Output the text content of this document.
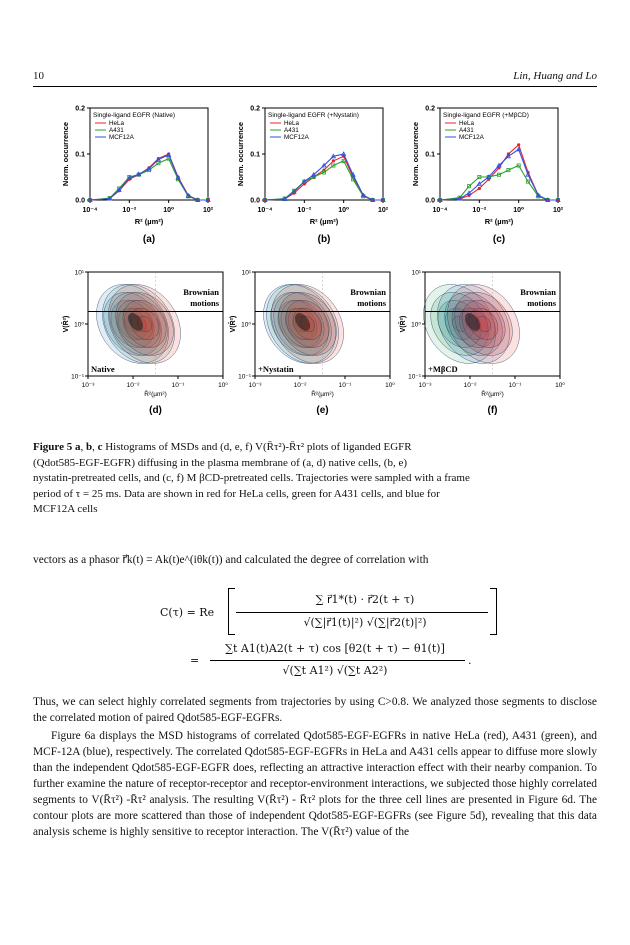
10	Lin, Huang and Lo
0.0
0.1
0.2
10⁻⁴	10⁻²	10⁰	10²
Single-ligand EGFR (Native)
HeLa
A431
MCF12A
Norm. occurrence
R² (µm²)
(a)
0.0
0.1
0.2
10⁻⁴	10⁻²	10⁰	10²
Single-ligand EGFR (+Nystatin)
HeLa
A431
MCF12A
Norm. occurrence
R² (µm²)
(b)
0.0
0.1
0.2
10⁻⁴	10⁻²	10⁰	10²
Single-ligand EGFR (+MβCD)
HeLa
A431
MCF12A
Norm. occurrence
R² (µm²)
(c)
Brownian
motions
Native
10⁻¹
10⁰
10¹
10⁻³	10⁻²	10⁻¹	10⁰
V(R̄²)
R̄²(µm²)
(d)
Brownian
motions
+Nystatin
10⁻¹
10⁰
10¹
10⁻³	10⁻²	10⁻¹	10⁰
V(R̄²)
R̄²(µm²)
(e)
Brownian
motions
+MβCD
10⁻¹
10⁰
10¹
10⁻³	10⁻²	10⁻¹	10⁰
V(R̄²)
R̄²(µm²)
(f)
Figure 5 a, b, c Histograms of MSDs and (d, e, f) V(R̄τ²)-R̄τ² plots of liganded EGFR
(Qdot585-EGF-EGFR) diffusing in the plasma membrane of (a, d) native cells, (b, e)
nystatin-pretreated cells, and (c, f) M βCD-pretreated cells. Trajectories were sampled with a frame
period of τ = 25 ms. Data are shown in red for HeLa cells, green for A431 cells, and blue for
MCF12A cells
vectors as a phasor r⃗k(t) = Ak(t)e^(iθk(t)) and calculated the degree of correlation with
C(τ) = Re
∑ r⃗1*(t) · r⃗2(t + τ)
√(∑|r⃗1(t)|²) √(∑|r⃗2(t)|²)
=
∑t A1(t)A2(t + τ) cos [θ2(t + τ) − θ1(t)]
√(∑t A1²) √(∑t A2²)
.
Thus, we can select highly correlated segments from trajectories by using C>0.8. We analyzed those segments to disclose the correlated motion of paired Qdot585-EGF-EGFRs.
Figure 6a displays the MSD histograms of correlated Qdot585-EGF-EGFRs in native HeLa (red), A431 (green), and MCF-12A (blue), respectively. The correlated Qdot585-EGF-EGFRs in HeLa and A431 cells appear to diffuse more slowly than the independent Qdot585-EGF-EGFR does, reflecting an attractive interaction effect with their nearby companion. To further examine the nature of receptor-receptor and receptor-environment interactions, we subjected those highly correlated segments to V(R̄τ²) -R̄τ² analysis. The resulting V(R̄τ²) - R̄τ² plots for the three cell lines are presented in Figure 6d. The contour plots are more scattered than those of independent Qdot585-EGF-EGFRs (see Figure 5d), revealing that this data analysis scheme is highly sensitive to receptor interaction. The V(R̄τ²) value of the
